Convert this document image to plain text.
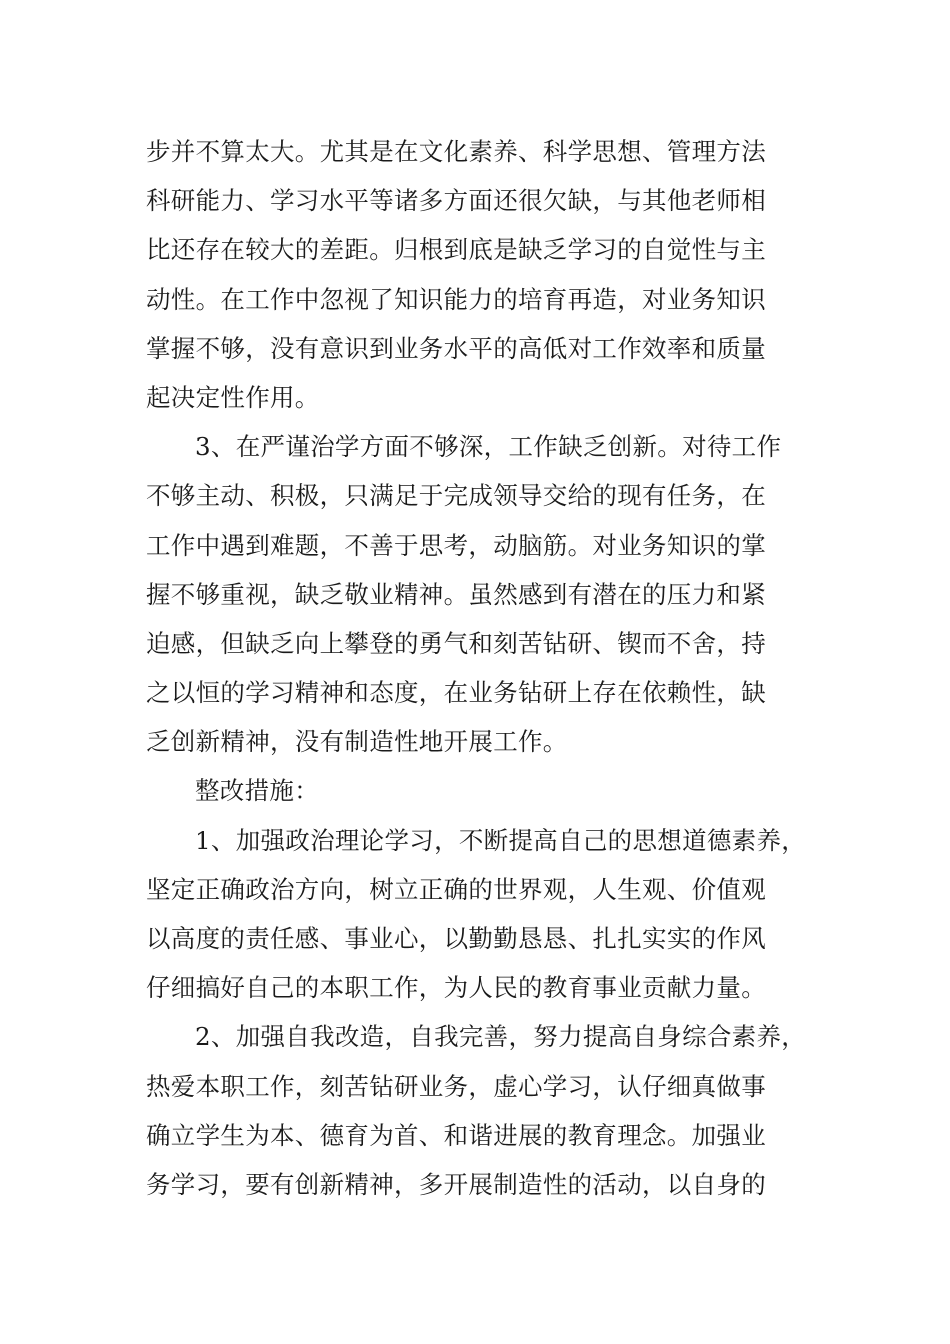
步并不算太大。尤其是在文化素养、科学思想、管理方法
科研能力、学习水平等诸多方面还很欠缺，与其他老师相
比还存在较大的差距。归根到底是缺乏学习的自觉性与主
动性。在工作中忽视了知识能力的培育再造，对业务知识
掌握不够，没有意识到业务水平的高低对工作效率和质量
起决定性作用。
3、在严谨治学方面不够深，工作缺乏创新。对待工作
不够主动、积极，只满足于完成领导交给的现有任务，在
工作中遇到难题，不善于思考，动脑筋。对业务知识的掌
握不够重视，缺乏敬业精神。虽然感到有潜在的压力和紧
迫感，但缺乏向上攀登的勇气和刻苦钻研、锲而不舍，持
之以恒的学习精神和态度，在业务钻研上存在依赖性，缺
乏创新精神，没有制造性地开展工作。
整改措施：
1、加强政治理论学习，不断提高自己的思想道德素养，
坚定正确政治方向，树立正确的世界观，人生观、价值观
以高度的责任感、事业心，以勤勤恳恳、扎扎实实的作风
仔细搞好自己的本职工作，为人民的教育事业贡献力量。
2、加强自我改造，自我完善，努力提高自身综合素养，
热爱本职工作，刻苦钻研业务，虚心学习，认仔细真做事
确立学生为本、德育为首、和谐进展的教育理念。加强业
务学习，要有创新精神，多开展制造性的活动，以自身的
